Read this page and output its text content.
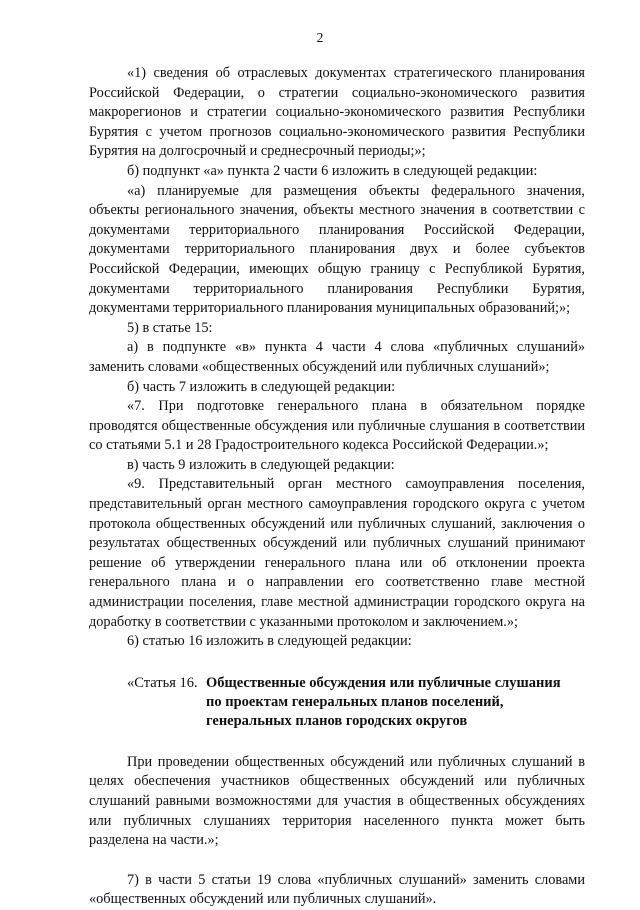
2

«1) сведения об отраслевых документах стратегического планирования Российской Федерации, о стратегии социально-экономического развития макрорегионов и стратегии социально-экономического развития Республики Бурятия с учетом прогнозов социально-экономического развития Республики Бурятия на долгосрочный и среднесрочный периоды;»;

б) подпункт «а» пункта 2 части 6 изложить в следующей редакции:

«а) планируемые для размещения объекты федерального значения, объекты регионального значения, объекты местного значения в соответствии с документами территориального планирования Российской Федерации, документами территориального планирования двух и более субъектов Российской Федерации, имеющих общую границу с Республикой Бурятия, документами территориального планирования Республики Бурятия, документами территориального планирования муниципальных образований;»;

5) в статье 15:

а) в подпункте «в» пункта 4 части 4 слова «публичных слушаний» заменить словами «общественных обсуждений или публичных слушаний»;

б) часть 7 изложить в следующей редакции:

«7. При подготовке генерального плана в обязательном порядке проводятся общественные обсуждения или публичные слушания в соответствии со статьями 5.1 и 28 Градостроительного кодекса Российской Федерации.»;

в) часть 9 изложить в следующей редакции:

«9. Представительный орган местного самоуправления поселения, представительный орган местного самоуправления городского округа с учетом протокола общественных обсуждений или публичных слушаний, заключения о результатах общественных обсуждений или публичных слушаний принимают решение об утверждении генерального плана или об отклонении проекта генерального плана и о направлении его соответственно главе местной администрации поселения, главе местной администрации городского округа на доработку в соответствии с указанными протоколом и заключением.»;

6) статью 16 изложить в следующей редакции:

«Статья 16. Общественные обсуждения или публичные слушания
по проектам генеральных планов поселений,
генеральных планов городских округов

При проведении общественных обсуждений или публичных слушаний в целях обеспечения участников общественных обсуждений или публичных слушаний равными возможностями для участия в общественных обсуждениях или публичных слушаниях территория населенного пункта может быть разделена на части.»;

7) в части 5 статьи 19 слова «публичных слушаний» заменить словами «общественных обсуждений или публичных слушаний».
